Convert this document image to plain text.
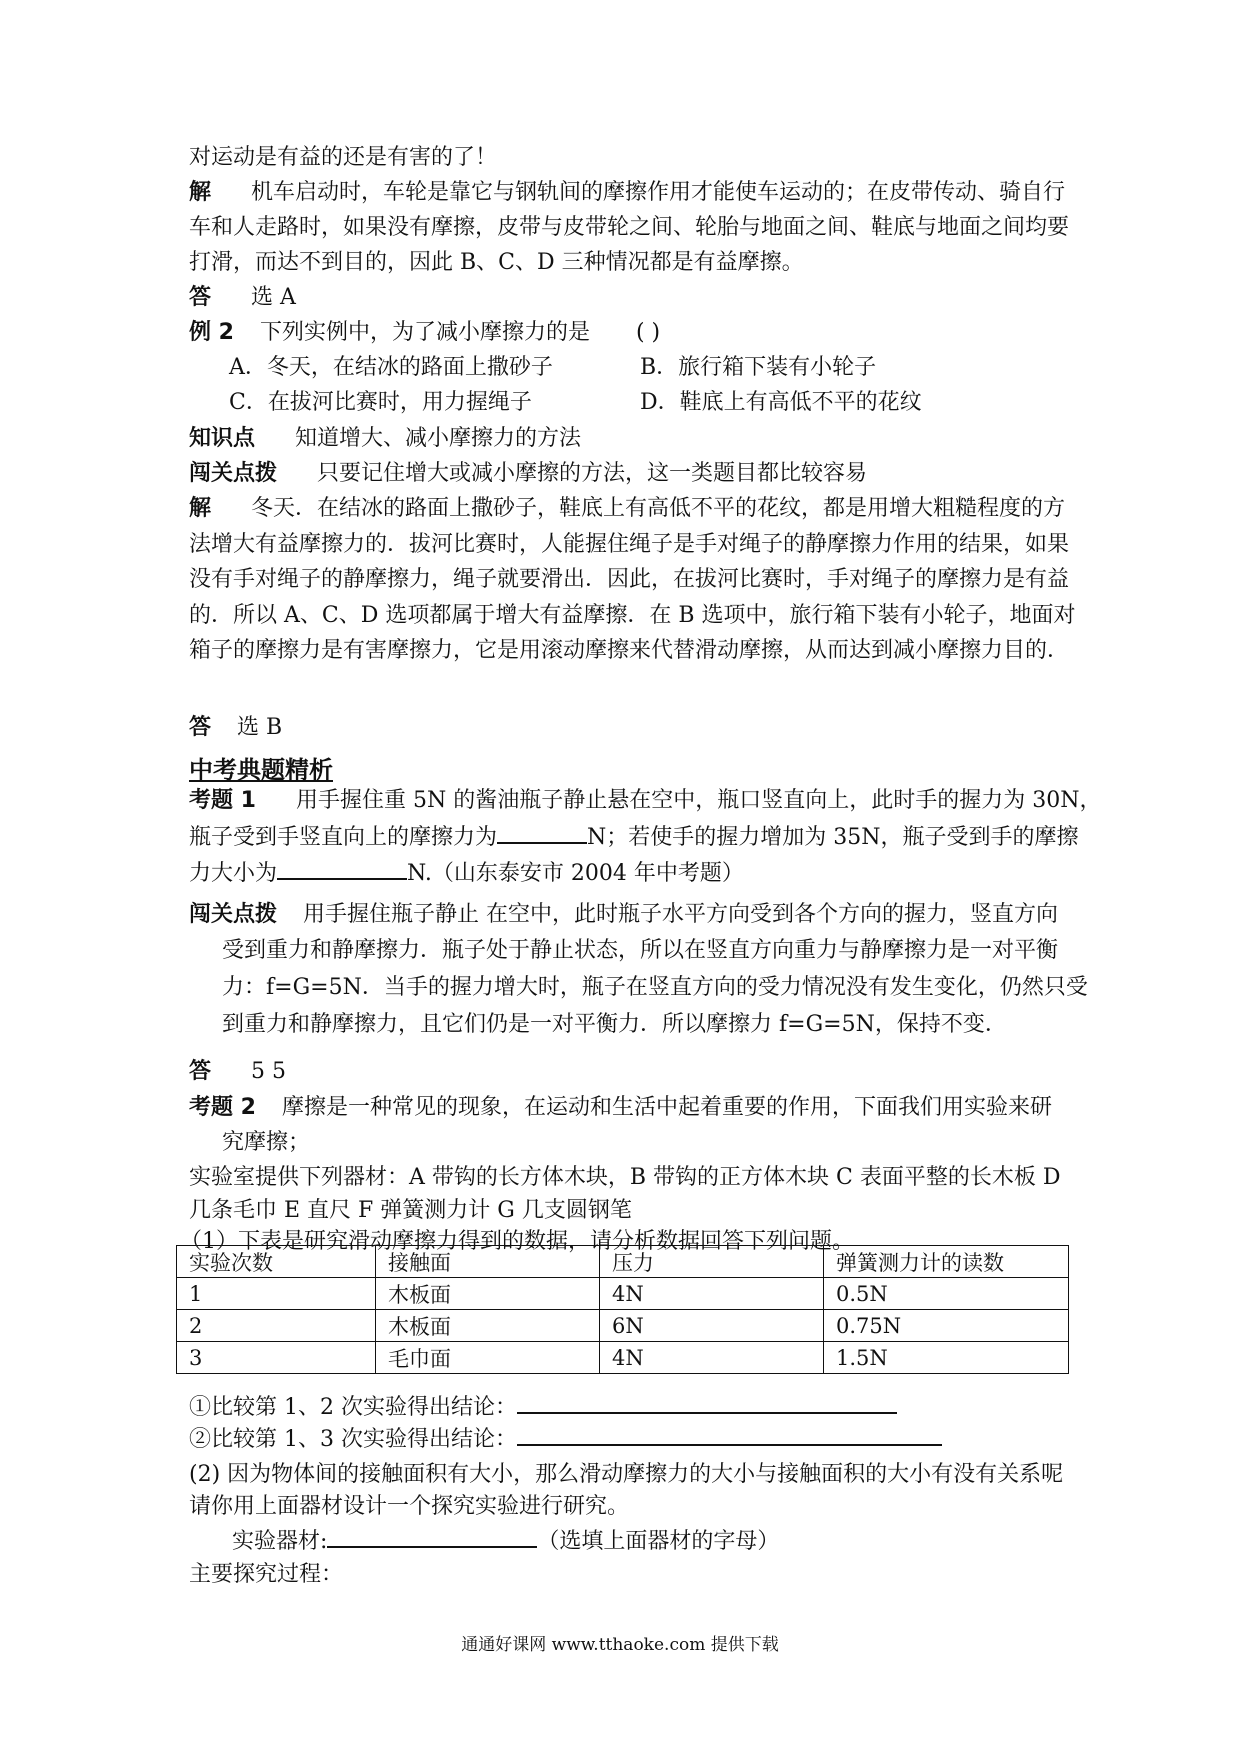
对运动是有益的还是有害的了！
解 机车启动时，车轮是靠它与钢轨间的摩擦作用才能使车运动的；在皮带传动、骑自行
车和人走路时，如果没有摩擦，皮带与皮带轮之间、轮胎与地面之间、鞋底与地面之间均要
打滑，而达不到目的，因此 B、C、D 三种情况都是有益摩擦。
答 选 A
例 2 下列实例中，为了减小摩擦力的是 ( )
A．冬天，在结冰的路面上撒砂子	B．旅行箱下装有小轮子
C．在拔河比赛时，用力握绳子	D．鞋底上有高低不平的花纹
知识点 知道增大、减小摩擦力的方法
闯关点拨 只要记住增大或减小摩擦的方法，这一类题目都比较容易
解 冬天．在结冰的路面上撒砂子，鞋底上有高低不平的花纹，都是用增大粗糙程度的方
法增大有益摩擦力的．拔河比赛时，人能握住绳子是手对绳子的静摩擦力作用的结果，如果
没有手对绳子的静摩擦力，绳子就要滑出．因此，在拔河比赛时，手对绳子的摩擦力是有益
的．所以 A、C、D 选项都属于增大有益摩擦．在 B 选项中，旅行箱下装有小轮子，地面对
箱子的摩擦力是有害摩擦力，它是用滚动摩擦来代替滑动摩擦，从而达到减小摩擦力目的．
答 选 B
中考典题精析
考题 1 用手握住重 5N 的酱油瓶子静止悬在空中，瓶口竖直向上，此时手的握力为 30N，
瓶子受到手竖直向上的摩擦力为	N；若使手的握力增加为 35N，瓶子受到手的摩擦
力大小为	N.（山东泰安市 2004 年中考题）
闯关点拨 用手握住瓶子静止 在空中，此时瓶子水平方向受到各个方向的握力，竖直方向
受到重力和静摩擦力．瓶子处于静止状态，所以在竖直方向重力与静摩擦力是一对平衡
力：f=G=5N．当手的握力增大时，瓶子在竖直方向的受力情况没有发生变化，仍然只受
到重力和静摩擦力，且它们仍是一对平衡力．所以摩擦力 f=G=5N，保持不变．
答 5 5
考题 2 摩擦是一种常见的现象，在运动和生活中起着重要的作用，下面我们用实验来研
究摩擦；
实验室提供下列器材：A 带钩的长方体木块，B 带钩的正方体木块 C 表面平整的长木板 D
几条毛巾 E 直尺 F 弹簧测力计 G 几支圆钢笔
（1）下表是研究滑动摩擦力得到的数据，请分析数据回答下列问题。
实验次数	接触面	压力	弹簧测力计的读数
1	木板面	4N	0.5N
2	木板面	6N	0.75N
3	毛巾面	4N	1.5N
①比较第 1、2 次实验得出结论：
②比较第 1、3 次实验得出结论：
(2) 因为物体间的接触面积有大小，那么滑动摩擦力的大小与接触面积的大小有没有关系呢
请你用上面器材设计一个探究实验进行研究。
实验器材:	（选填上面器材的字母）
主要探究过程：
通通好课网 www.tthaoke.com 提供下载
